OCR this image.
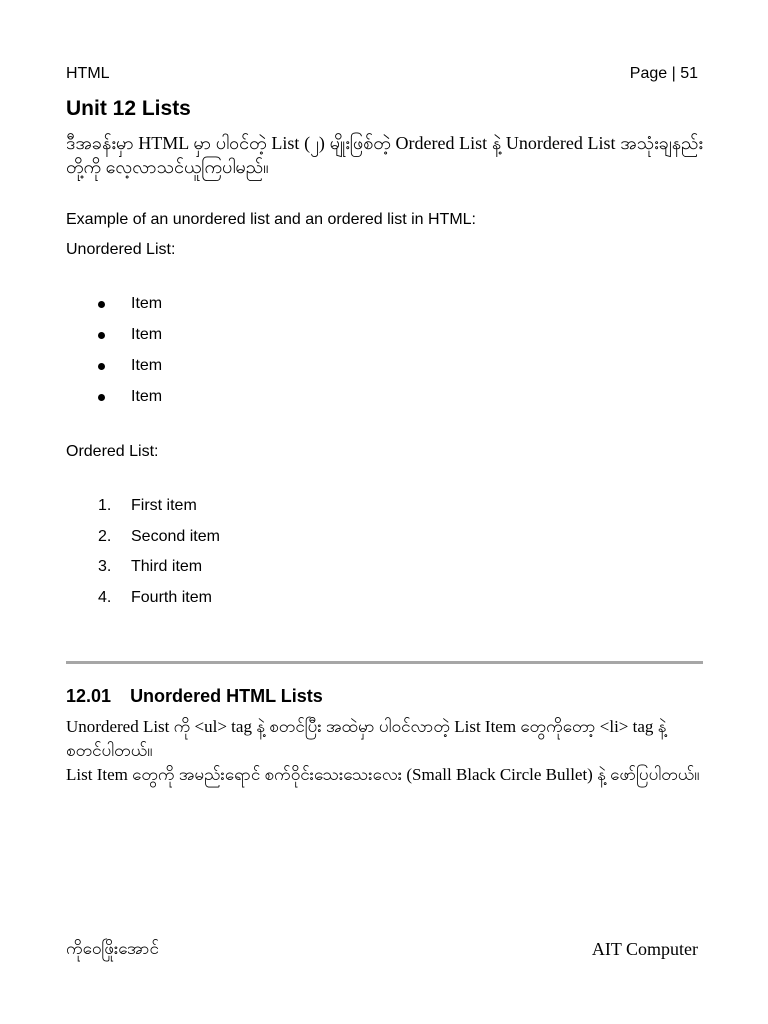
HTML	Page | 51
Unit 12 Lists

ဒီအခန်းမှာ HTML မှာ ပါဝင်တဲ့ List (၂) မျိုးဖြစ်တဲ့ Ordered List နဲ့ Unordered List အသုံးချနည်းတို့ကို လေ့လာသင်ယူကြပါမည်။

Example of an unordered list and an ordered list in HTML:
Unordered List:
Item
Item
Item
Item
Ordered List:
1. First item
2. Second item
3. Third item
4. Fourth item
12.01 Unordered HTML Lists

Unordered List ကို <ul> tag နဲ့ စတင်ပြီး အထဲမှာ ပါဝင်လာတဲ့ List Item တွေကိုတော့ <li> tag နဲ့ စတင်ပါတယ်။

List Item တွေကို အမည်းရောင် စက်ဝိုင်းသေးသေးလေး (Small Black Circle Bullet) နဲ့ ဖော်ပြပါတယ်။

ကိုဝေဖြိုးအောင်	AIT Computer
